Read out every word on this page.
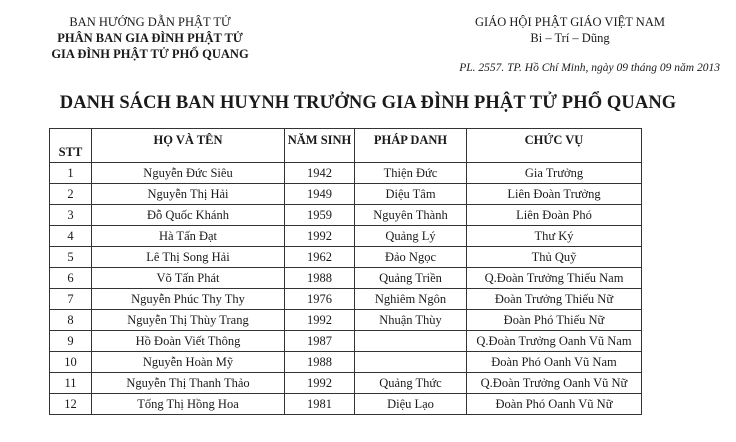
BAN HƯỚNG DẪN PHẬT TỬ
PHÂN BAN GIA ĐÌNH PHẬT TỬ
GIA ĐÌNH PHẬT TỬ PHỔ QUANG
GIÁO HỘI PHẬT GIÁO VIỆT NAM
Bi – Trí – Dũng
PL. 2557. TP. Hồ Chí Minh, ngày 09 tháng 09 năm 2013
DANH SÁCH BAN HUYNH TRƯỞNG GIA ĐÌNH PHẬT TỬ PHỔ QUANG
STT	HỌ VÀ TÊN	NĂM SINH	PHÁP DANH	CHỨC VỤ
1	Nguyễn Đức Siêu	1942	Thiện Đức	Gia Trưởng
2	Nguyễn Thị Hải	1949	Diệu Tâm	Liên Đoàn Trưởng
3	Đỗ Quốc Khánh	1959	Nguyên Thành	Liên Đoàn Phó
4	Hà Tấn Đạt	1992	Quảng Lý	Thư Ký
5	Lê Thị Song Hải	1962	Đảo Ngọc	Thủ Quỹ
6	Võ Tấn Phát	1988	Quảng Triền	Q.Đoàn Trưởng Thiếu Nam
7	Nguyễn Phúc Thy Thy	1976	Nghiêm Ngôn	Đoàn Trưởng Thiếu Nữ
8	Nguyễn Thị Thùy Trang	1992	Nhuận Thùy	Đoàn Phó Thiếu Nữ
9	Hồ Đoàn Viết Thông	1987		Q.Đoàn Trưởng Oanh Vũ Nam
10	Nguyễn Hoàn Mỹ	1988		Đoàn Phó Oanh Vũ Nam
11	Nguyễn Thị Thanh Thảo	1992	Quảng Thức	Q.Đoàn Trưởng Oanh Vũ Nữ
12	Tống Thị Hồng Hoa	1981	Diệu Lạo	Đoàn Phó Oanh Vũ Nữ
